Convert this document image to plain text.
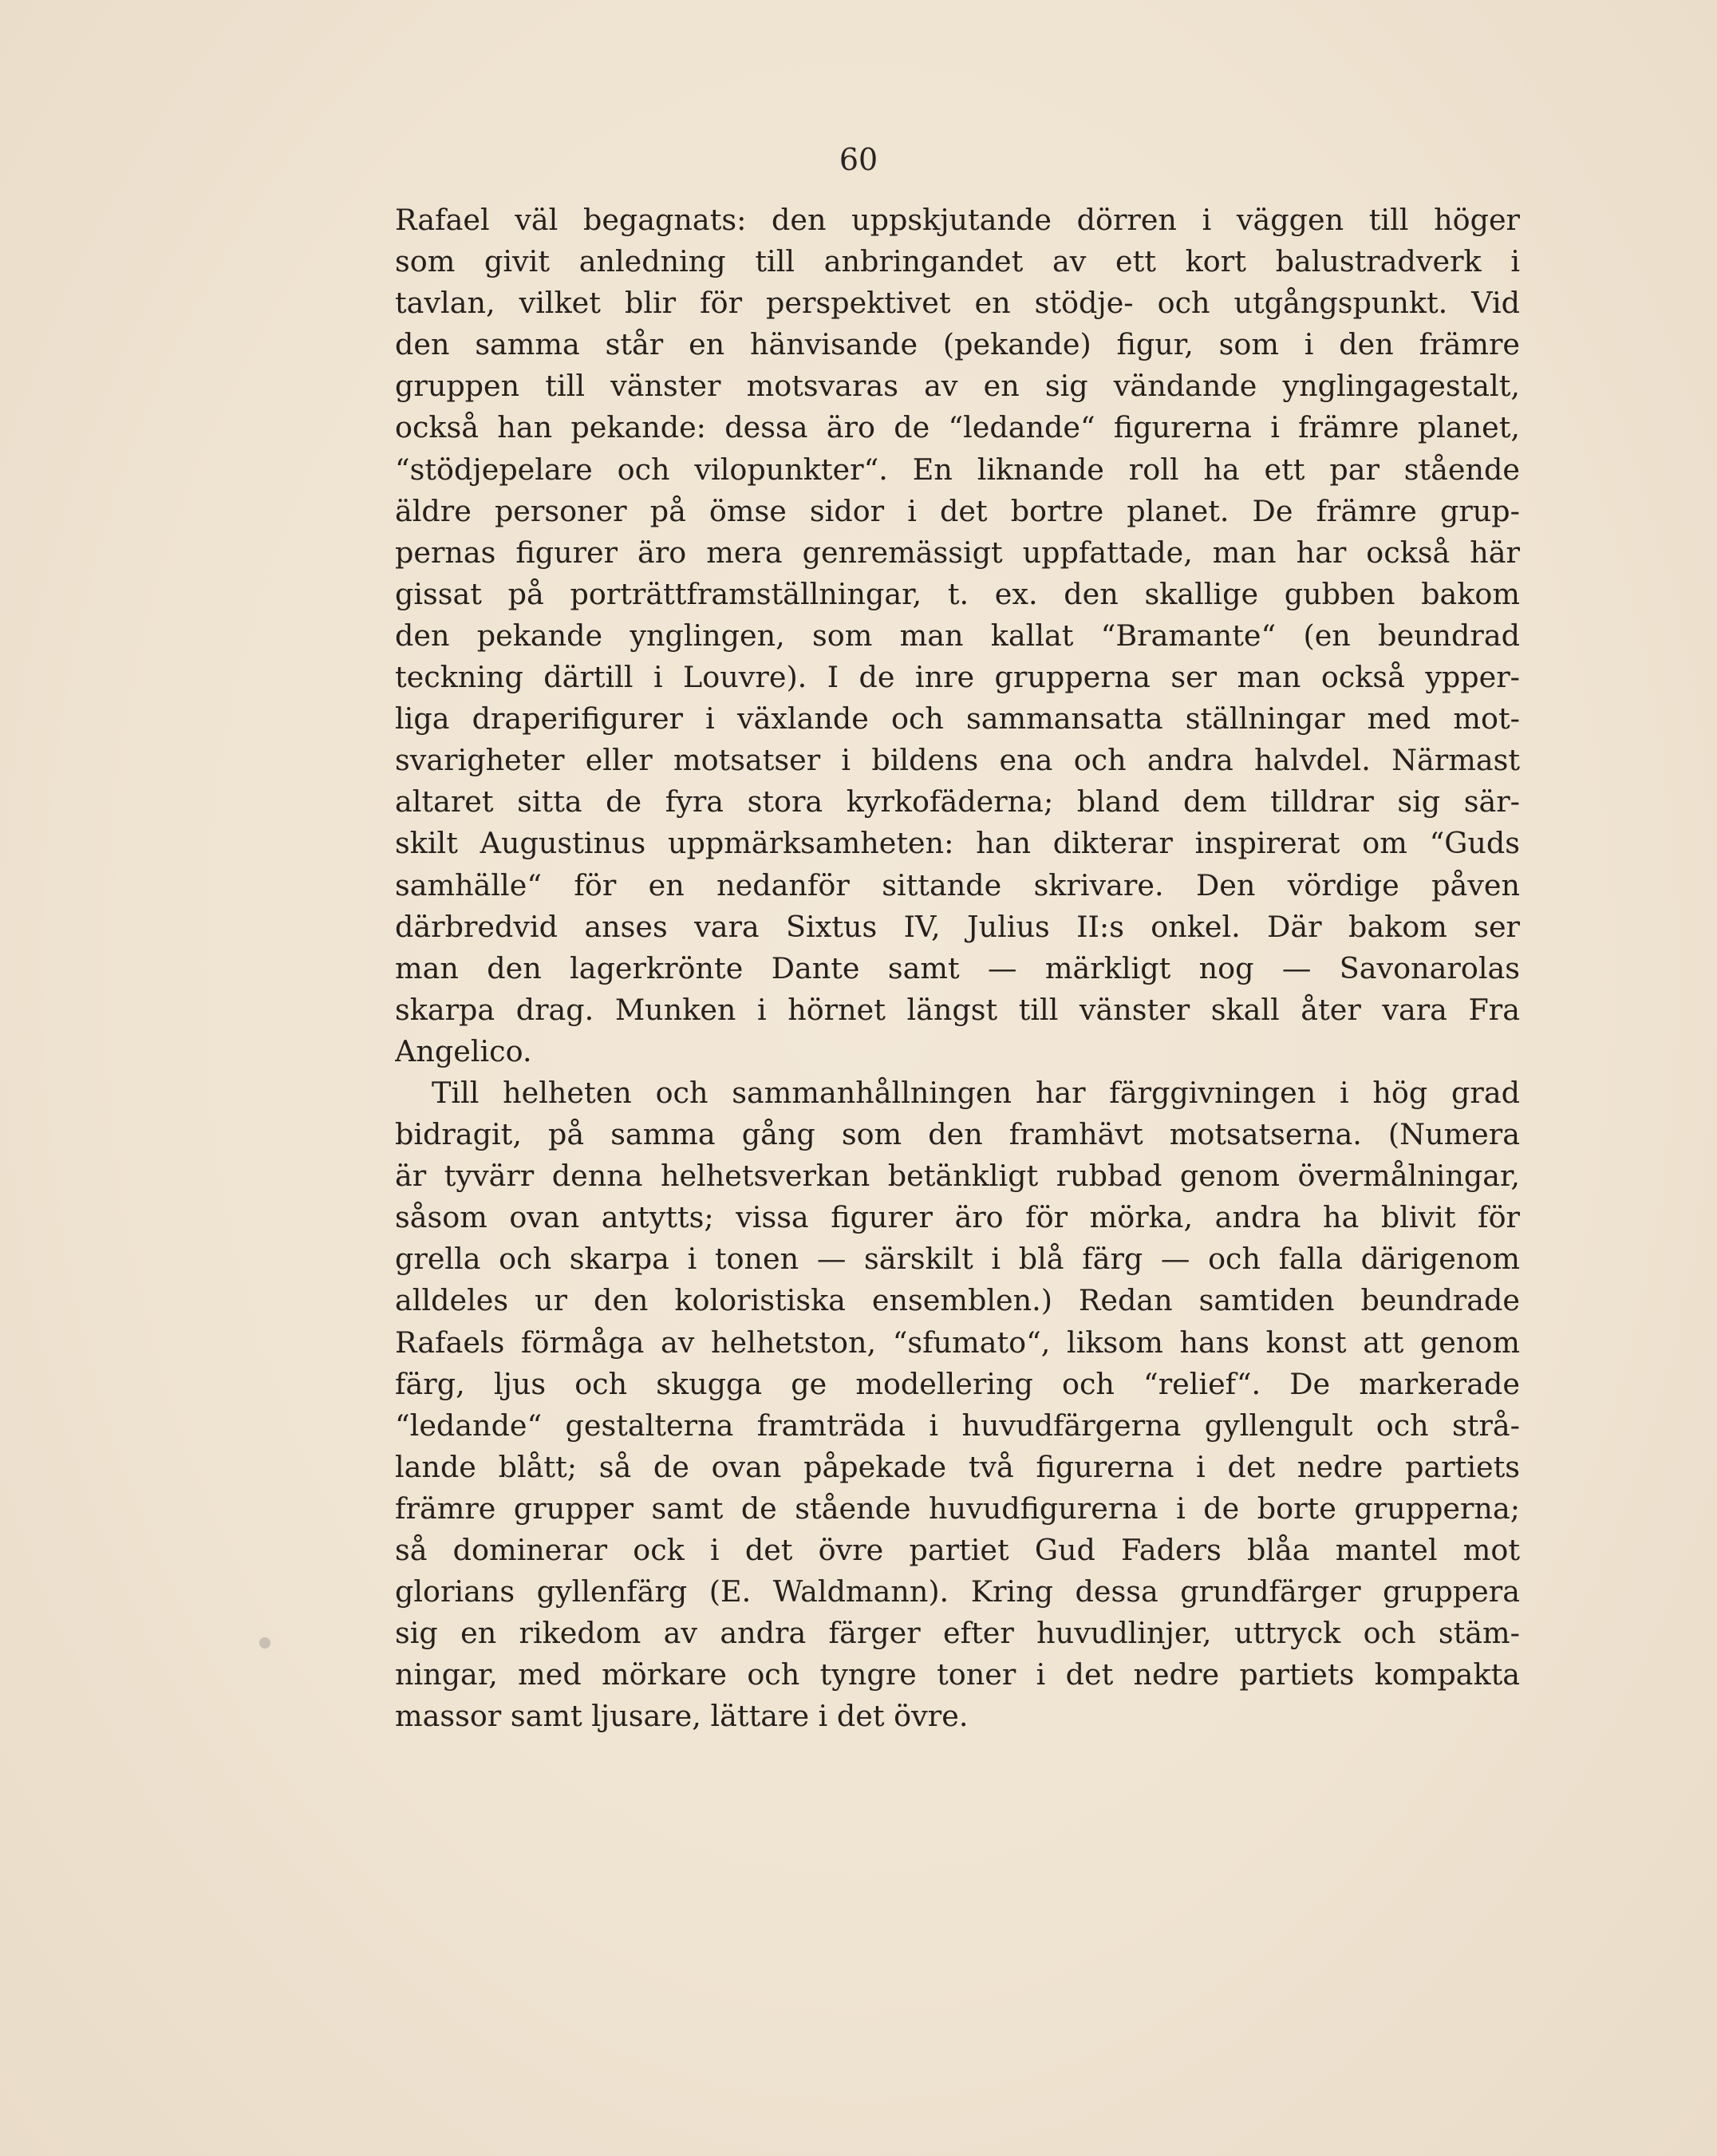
60
Rafael väl begagnats: den uppskjutande dörren i väggen till höger
som givit anledning till anbringandet av ett kort balustradverk i
tavlan, vilket blir för perspektivet en stödje- och utgångspunkt. Vid
den samma står en hänvisande (pekande) figur, som i den främre
gruppen till vänster motsvaras av en sig vändande ynglingagestalt,
också han pekande: dessa äro de “ledande“ figurerna i främre planet,
“stödjepelare och vilopunkter“. En liknande roll ha ett par stående
äldre personer på ömse sidor i det bortre planet. De främre grup-
pernas figurer äro mera genremässigt uppfattade, man har också här
gissat på porträttframställningar, t. ex. den skallige gubben bakom
den pekande ynglingen, som man kallat “Bramante“ (en beundrad
teckning därtill i Louvre). I de inre grupperna ser man också ypper-
liga draperifigurer i växlande och sammansatta ställningar med mot-
svarigheter eller motsatser i bildens ena och andra halvdel. Närmast
altaret sitta de fyra stora kyrkofäderna; bland dem tilldrar sig sär-
skilt Augustinus uppmärksamheten: han dikterar inspirerat om “Guds
samhälle“ för en nedanför sittande skrivare. Den vördige påven
därbredvid anses vara Sixtus IV, Julius II:s onkel. Där bakom ser
man den lagerkrönte Dante samt — märkligt nog — Savonarolas
skarpa drag. Munken i hörnet längst till vänster skall åter vara Fra
Angelico.
Till helheten och sammanhållningen har färggivningen i hög grad
bidragit, på samma gång som den framhävt motsatserna. (Numera
är tyvärr denna helhetsverkan betänkligt rubbad genom övermålningar,
såsom ovan antytts; vissa figurer äro för mörka, andra ha blivit för
grella och skarpa i tonen — särskilt i blå färg — och falla därigenom
alldeles ur den koloristiska ensemblen.) Redan samtiden beundrade
Rafaels förmåga av helhetston, “sfumato“, liksom hans konst att genom
färg, ljus och skugga ge modellering och “relief“. De markerade
“ledande“ gestalterna framträda i huvudfärgerna gyllengult och strå-
lande blått; så de ovan påpekade två figurerna i det nedre partiets
främre grupper samt de stående huvudfigurerna i de borte grupperna;
så dominerar ock i det övre partiet Gud Faders blåa mantel mot
glorians gyllenfärg (E. Waldmann). Kring dessa grundfärger gruppera
sig en rikedom av andra färger efter huvudlinjer, uttryck och stäm-
ningar, med mörkare och tyngre toner i det nedre partiets kompakta
massor samt ljusare, lättare i det övre.
